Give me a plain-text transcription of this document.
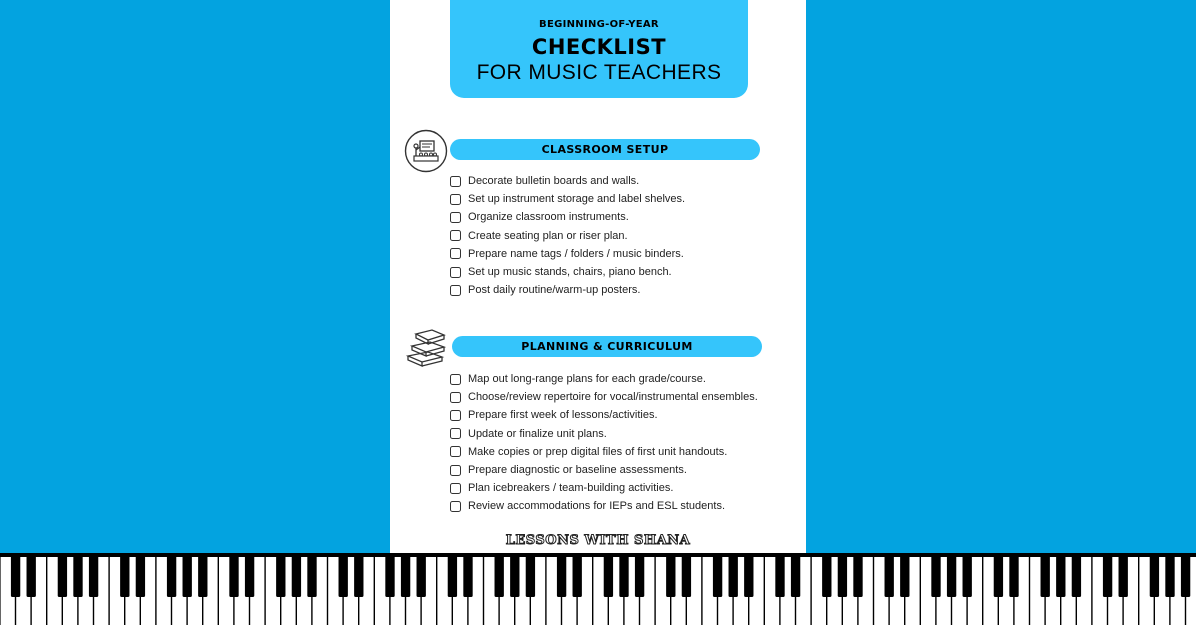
BEGINNING-OF-YEAR
CHECKLIST
FOR MUSIC TEACHERS
CLASSROOM SETUP
Decorate bulletin boards and walls.
Set up instrument storage and label shelves.
Organize classroom instruments.
Create seating plan or riser plan.
Prepare name tags / folders / music binders.
Set up music stands, chairs, piano bench.
Post daily routine/warm-up posters.
PLANNING & CURRICULUM
Map out long-range plans for each grade/course.
Choose/review repertoire for vocal/instrumental ensembles.
Prepare first week of lessons/activities.
Update or finalize unit plans.
Make copies or prep digital files of first unit handouts.
Prepare diagnostic or baseline assessments.
Plan icebreakers / team-building activities.
Review accommodations for IEPs and ESL students.
LESSONS WITH SHANA
